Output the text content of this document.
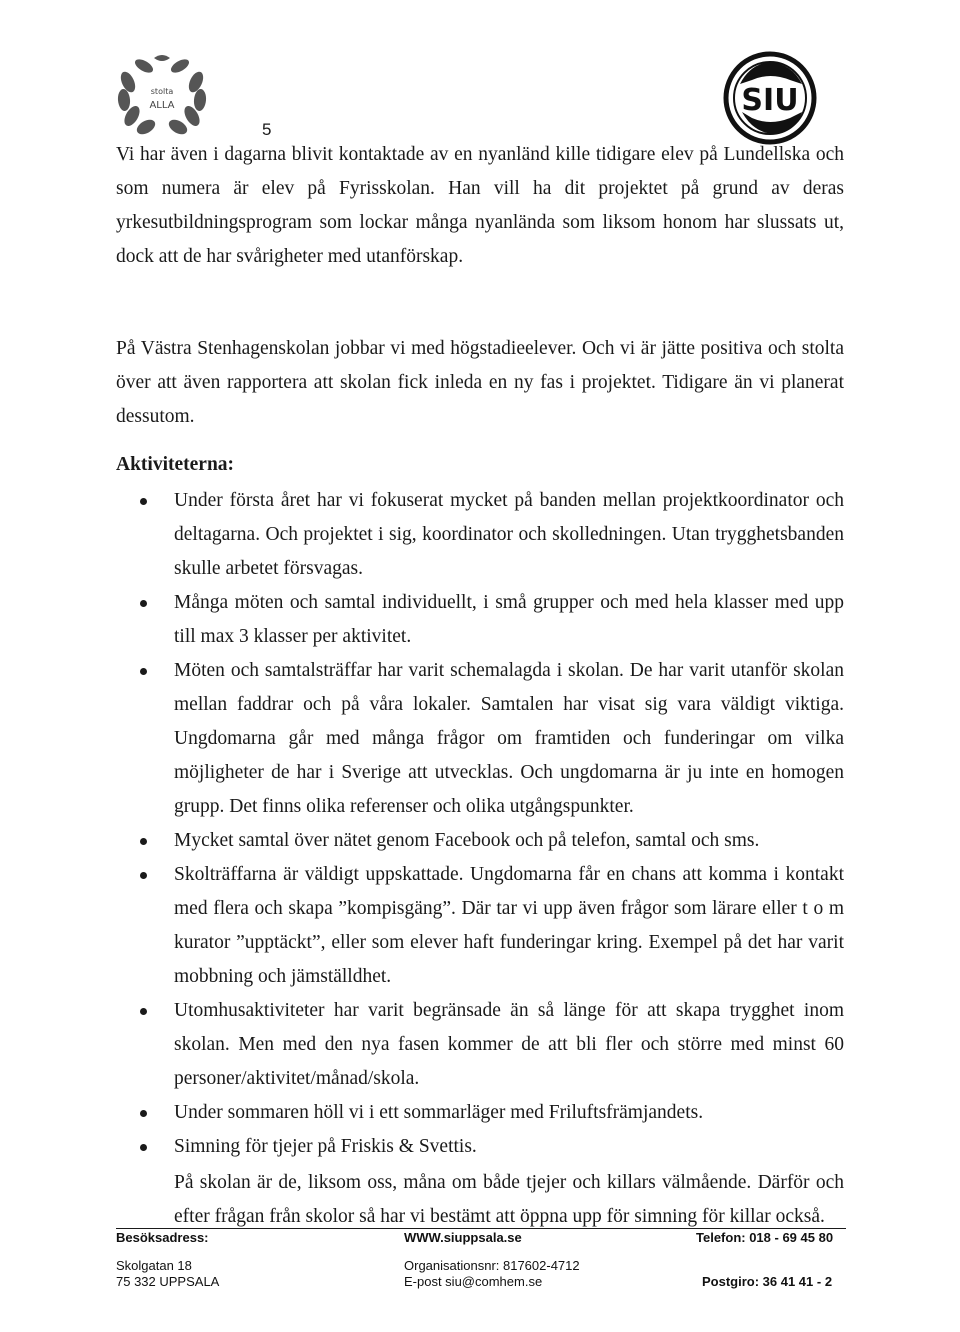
stolta
ALLA
5
SIU
Vi har även i dagarna blivit kontaktade av en nyanländ kille tidigare elev på Lundellska och som numera är elev på Fyrisskolan. Han vill ha dit projektet på grund av deras yrkesutbildningsprogram som lockar många nyanlända som liksom honom har slussats ut, dock att de har svårigheter med utanförskap.
På Västra Stenhagenskolan jobbar vi med högstadieelever. Och vi är jätte positiva och stolta över att även rapportera att skolan fick inleda en ny fas i projektet. Tidigare än vi planerat dessutom.
Aktiviteterna:
Under första året har vi fokuserat mycket på banden mellan projektkoordinator och deltagarna. Och projektet i sig, koordinator och skolledningen. Utan trygghetsbanden skulle arbetet försvagas.
Många möten och samtal individuellt, i små grupper och med hela klasser med upp till max 3 klasser per aktivitet.
Möten och samtalsträffar har varit schemalagda i skolan. De har varit utanför skolan mellan faddrar och på våra lokaler. Samtalen har visat sig vara väldigt viktiga. Ungdomarna går med många frågor om framtiden och funderingar om vilka möjligheter de har i Sverige att utvecklas. Och ungdomarna är ju inte en homogen grupp. Det finns olika referenser och olika utgångspunkter.
Mycket samtal över nätet genom Facebook och på telefon, samtal och sms.
Skolträffarna är väldigt uppskattade. Ungdomarna får en chans att komma i kontakt med flera och skapa ”kompisgäng”. Där tar vi upp även frågor som lärare eller t o m kurator ”upptäckt”, eller som elever haft funderingar kring. Exempel på det har varit mobbning och jämställdhet.
Utomhusaktiviteter har varit begränsade än så länge för att skapa trygghet inom skolan. Men med den nya fasen kommer de att bli fler och större med minst 60 personer/aktivitet/månad/skola.
Under sommaren höll vi i ett sommarläger med Friluftsfrämjandets.
Simning för tjejer på Friskis & Svettis.
På skolan är de, liksom oss, måna om både tjejer och killars välmående. Därför och efter frågan från skolor så har vi bestämt att öppna upp för simning för killar också.
Besöksadress:	WWW.siuppsala.se	Telefon: 018 - 69 45 80
Skolgatan 18	Organisationsnr: 817602-4712
75 332 UPPSALA	E-post siu@comhem.se	Postgiro: 36 41 41 - 2
